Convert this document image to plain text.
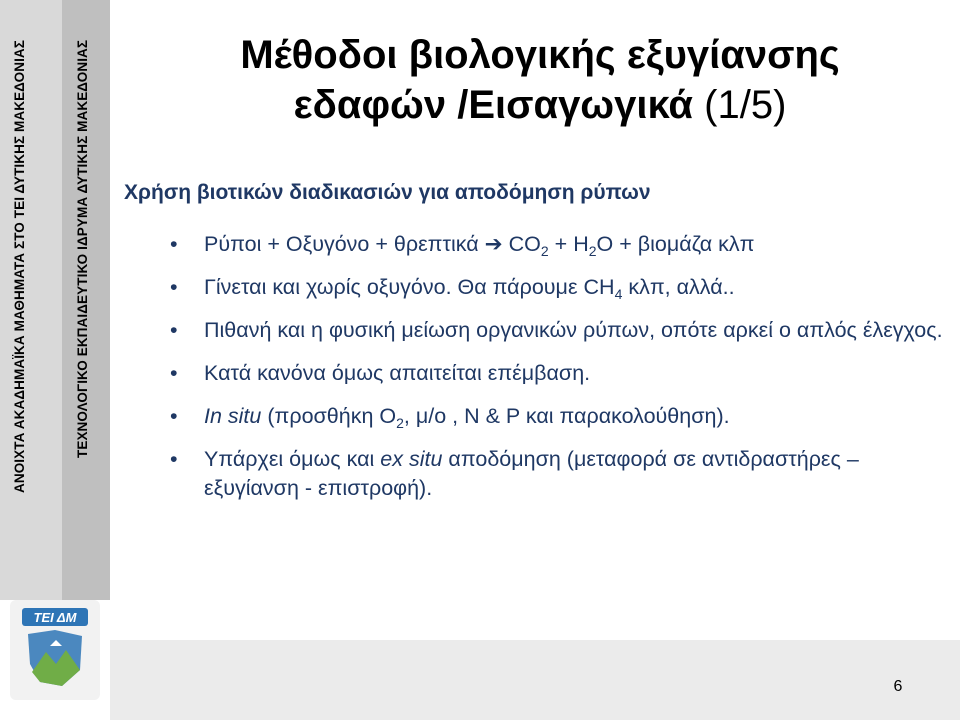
ΑΝΟΙΧΤΑ ΑΚΑΔΗΜΑΪΚΑ ΜΑΘΗΜΑΤΑ ΣΤΟ ΤΕΙ ΔΥΤΙΚΗΣ ΜΑΚΕΔΟΝΙΑΣ	ΤΕΧΝΟΛΟΓΙΚΟ ΕΚΠΑΙΔΕΥΤΙΚΟ ΙΔΡΥΜΑ ΔΥΤΙΚΗΣ ΜΑΚΕΔΟΝΙΑΣ
ΤΕΙ ΔΜ
Μέθοδοι βιολογικής εξυγίανσης εδαφών /Εισαγωγικά (1/5)
Χρήση βιοτικών διαδικασιών για αποδόμηση ρύπων
• Ρύποι + Οξυγόνο + θρεπτικά ➔ $CO_2 + H_2O + \beta\iota o\mu ά\zeta\alpha$ κλπ
• Γίνεται και χωρίς οξυγόνο. Θα πάρουμε $CH_4$ κλπ, αλλά..
• Πιθανή και η φυσική μείωση οργανικών ρύπων, οπότε αρκεί ο απλός έλεγχος.
• Κατά κανόνα όμως απαιτείται επέμβαση.
• In situ (προσθήκη $O_2$, μ/ο , N & P και παρακολούθηση).
• Υπάρχει όμως και ex situ αποδόμηση (μεταφορά σε αντιδραστήρες –εξυγίανση - επιστροφή).
6
